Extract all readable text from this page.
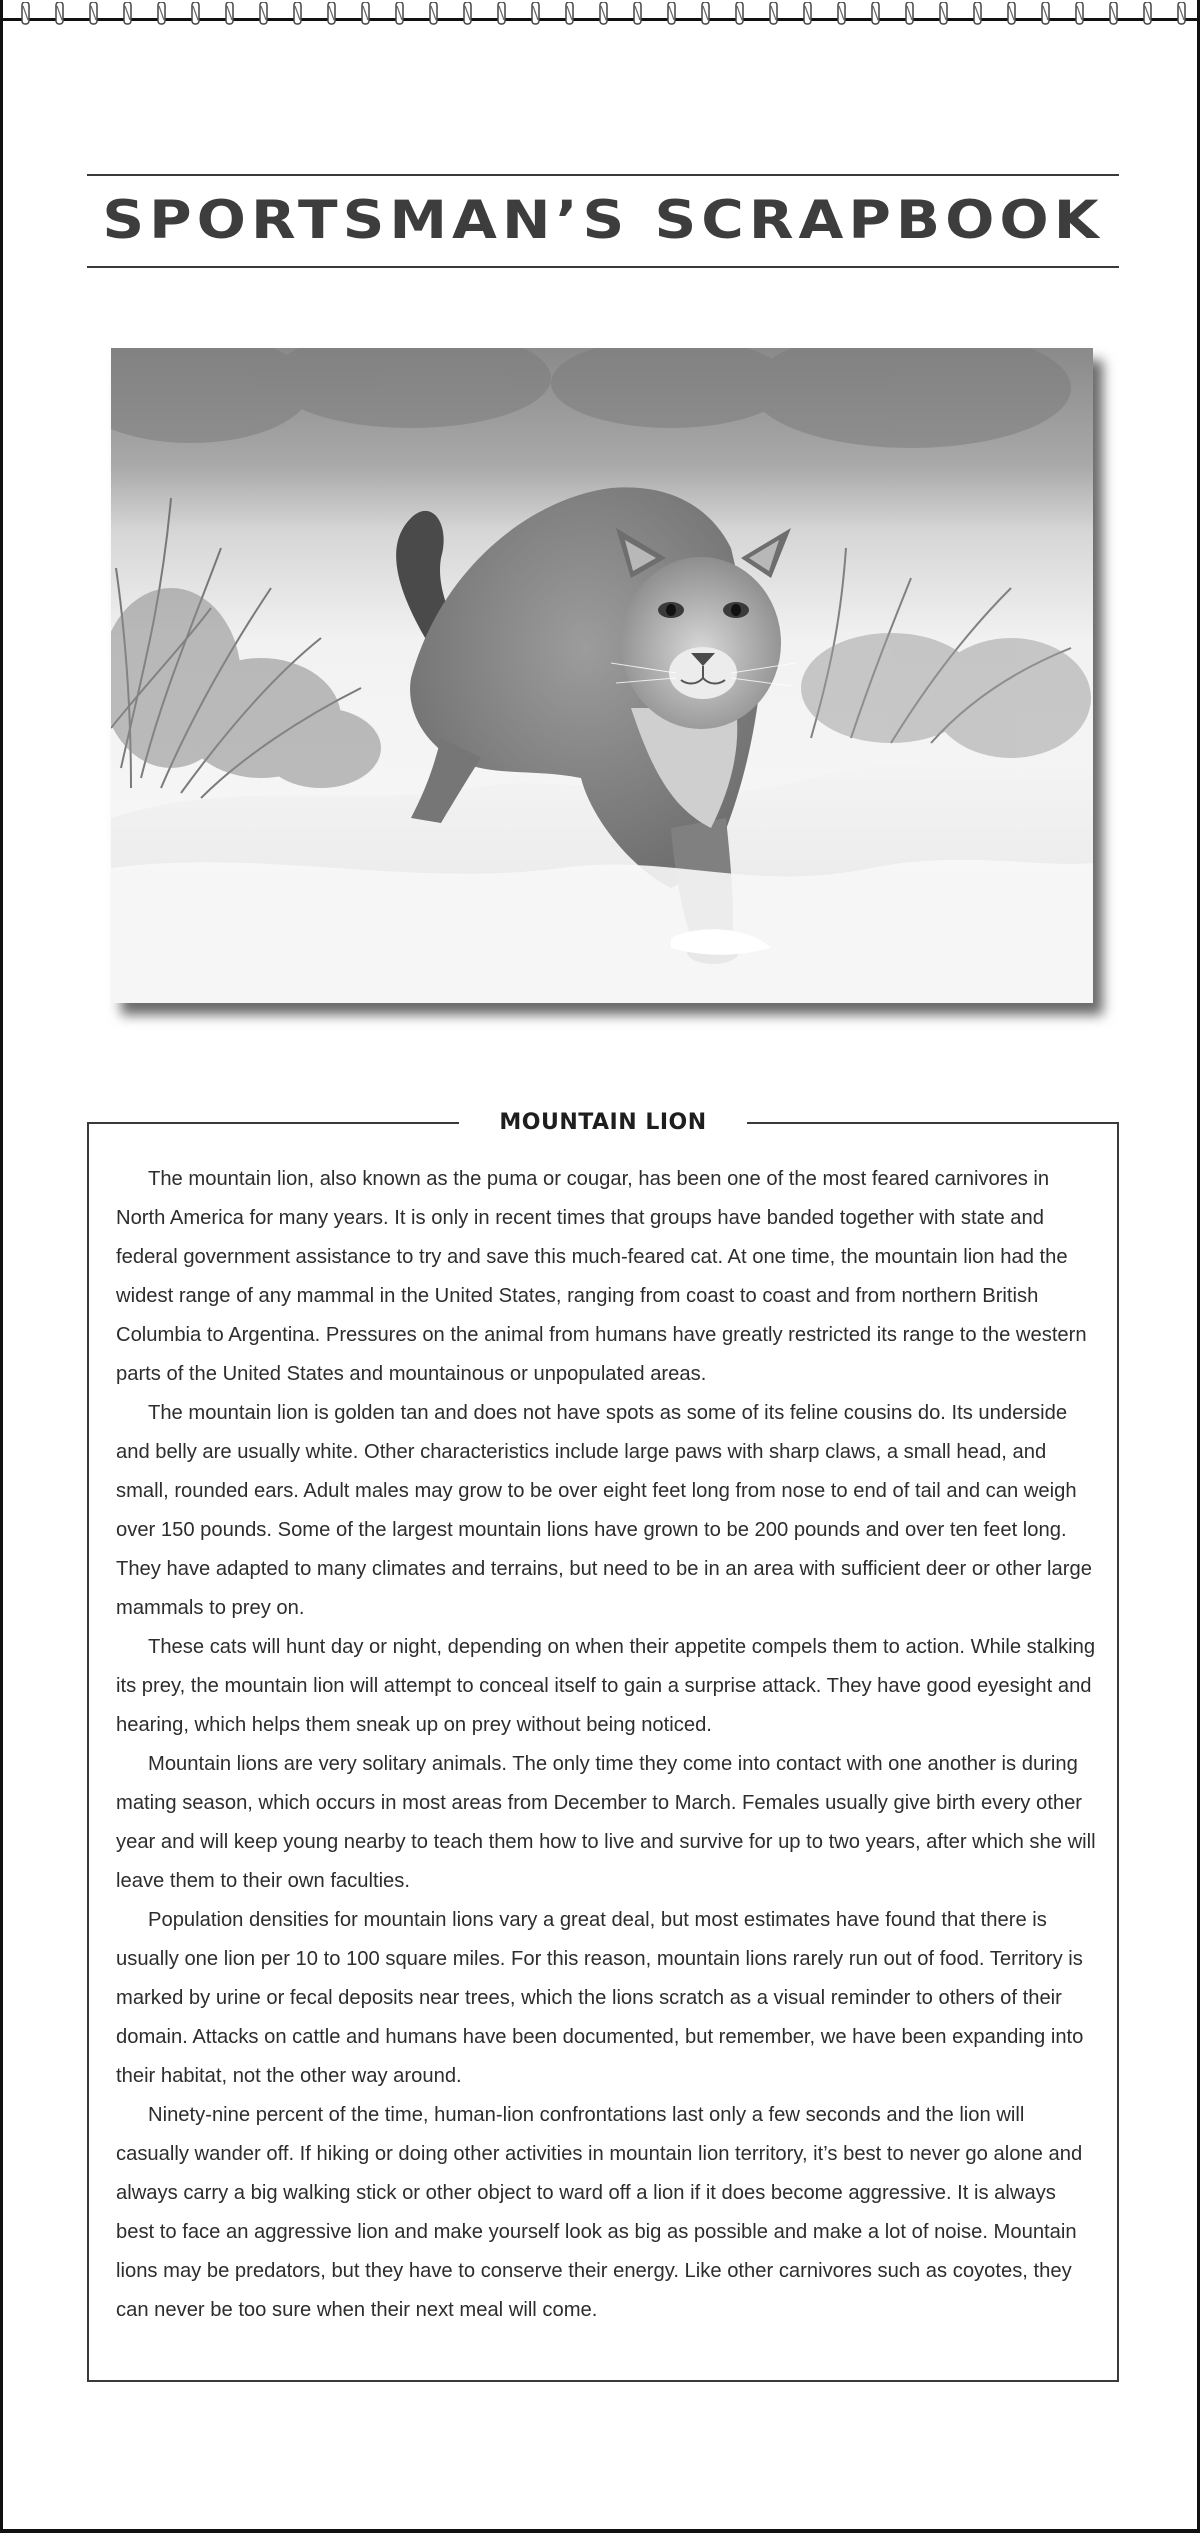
SPORTSMAN’S SCRAPBOOK
MOUNTAIN LION

The mountain lion, also known as the puma or cougar, has been one of the most feared carnivores in North America for many years. It is only in recent times that groups have banded together with state and federal government assistance to try and save this much-feared cat. At one time, the mountain lion had the widest range of any mammal in the United States, ranging from coast to coast and from northern British Columbia to Argentina. Pressures on the animal from humans have greatly restricted its range to the western parts of the United States and mountainous or unpopulated areas.

The mountain lion is golden tan and does not have spots as some of its feline cousins do. Its underside and belly are usually white. Other characteristics include large paws with sharp claws, a small head, and small, rounded ears. Adult males may grow to be over eight feet long from nose to end of tail and can weigh over 150 pounds. Some of the largest mountain lions have grown to be 200 pounds and over ten feet long. They have adapted to many climates and terrains, but need to be in an area with sufficient deer or other large mammals to prey on.

These cats will hunt day or night, depending on when their appetite compels them to action. While stalking its prey, the mountain lion will attempt to conceal itself to gain a surprise attack. They have good eyesight and hearing, which helps them sneak up on prey without being noticed.

Mountain lions are very solitary animals. The only time they come into contact with one another is during mating season, which occurs in most areas from December to March. Females usually give birth every other year and will keep young nearby to teach them how to live and survive for up to two years, after which she will leave them to their own faculties.

Population densities for mountain lions vary a great deal, but most estimates have found that there is usually one lion per 10 to 100 square miles. For this reason, mountain lions rarely run out of food. Territory is marked by urine or fecal deposits near trees, which the lions scratch as a visual reminder to others of their domain. Attacks on cattle and humans have been documented, but remember, we have been expanding into their habitat, not the other way around.

Ninety-nine percent of the time, human-lion confrontations last only a few seconds and the lion will casually wander off. If hiking or doing other activities in mountain lion territory, it’s best to never go alone and always carry a big walking stick or other object to ward off a lion if it does become aggressive. It is always best to face an aggressive lion and make yourself look as big as possible and make a lot of noise. Mountain lions may be predators, but they have to conserve their energy. Like other carnivores such as coyotes, they can never be too sure when their next meal will come.
